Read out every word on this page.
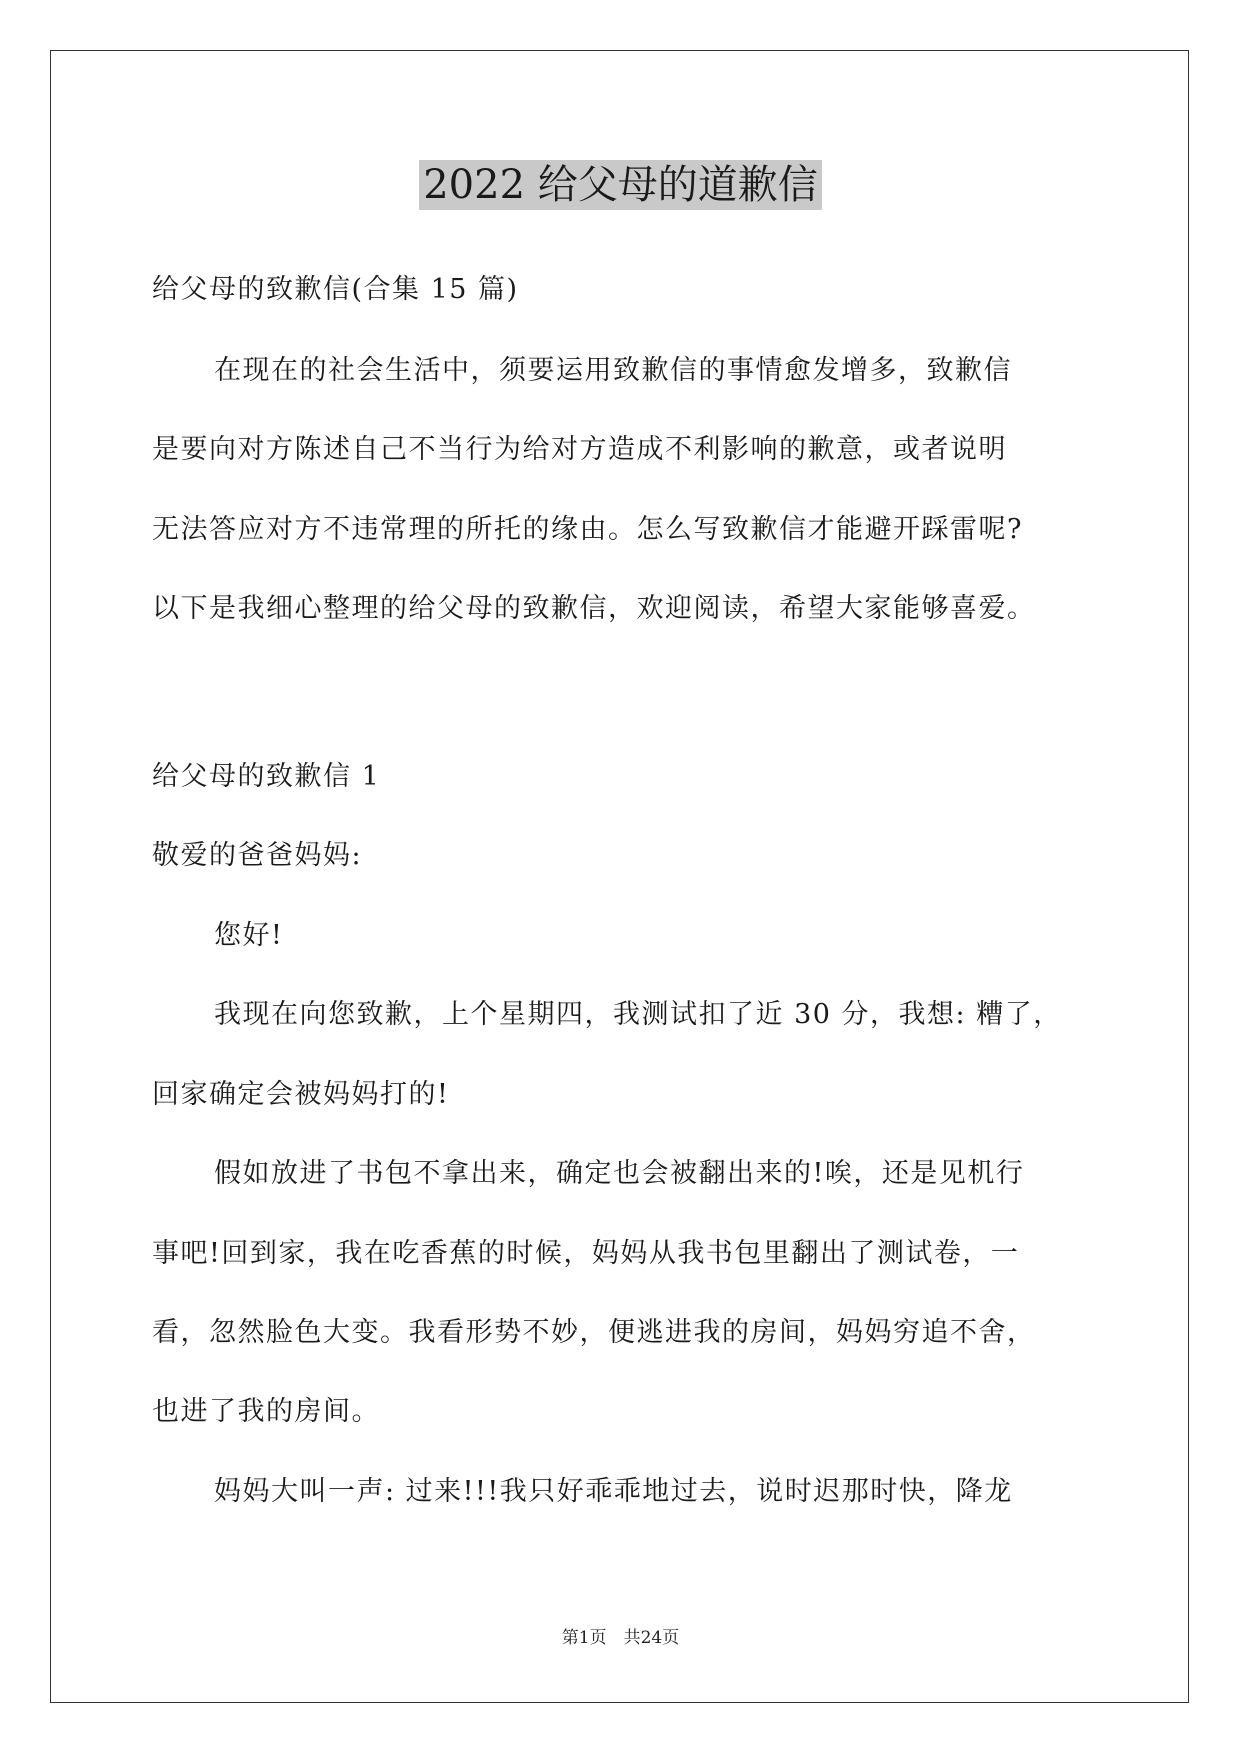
2022 给父母的道歉信
给父母的致歉信(合集 15 篇)
在现在的社会生活中，须要运用致歉信的事情愈发增多，致歉信
是要向对方陈述自己不当行为给对方造成不利影响的歉意，或者说明
无法答应对方不违常理的所托的缘由。怎么写致歉信才能避开踩雷呢?
以下是我细心整理的给父母的致歉信，欢迎阅读，希望大家能够喜爱。
给父母的致歉信 1
敬爱的爸爸妈妈:
您好!
我现在向您致歉，上个星期四，我测试扣了近 30 分，我想: 糟了，
回家确定会被妈妈打的!
假如放进了书包不拿出来，确定也会被翻出来的!唉，还是见机行
事吧!回到家，我在吃香蕉的时候，妈妈从我书包里翻出了测试卷，一
看，忽然脸色大变。我看形势不妙，便逃进我的房间，妈妈穷追不舍，
也进了我的房间。
妈妈大叫一声: 过来!!!我只好乖乖地过去，说时迟那时快，降龙
第1页　共24页
